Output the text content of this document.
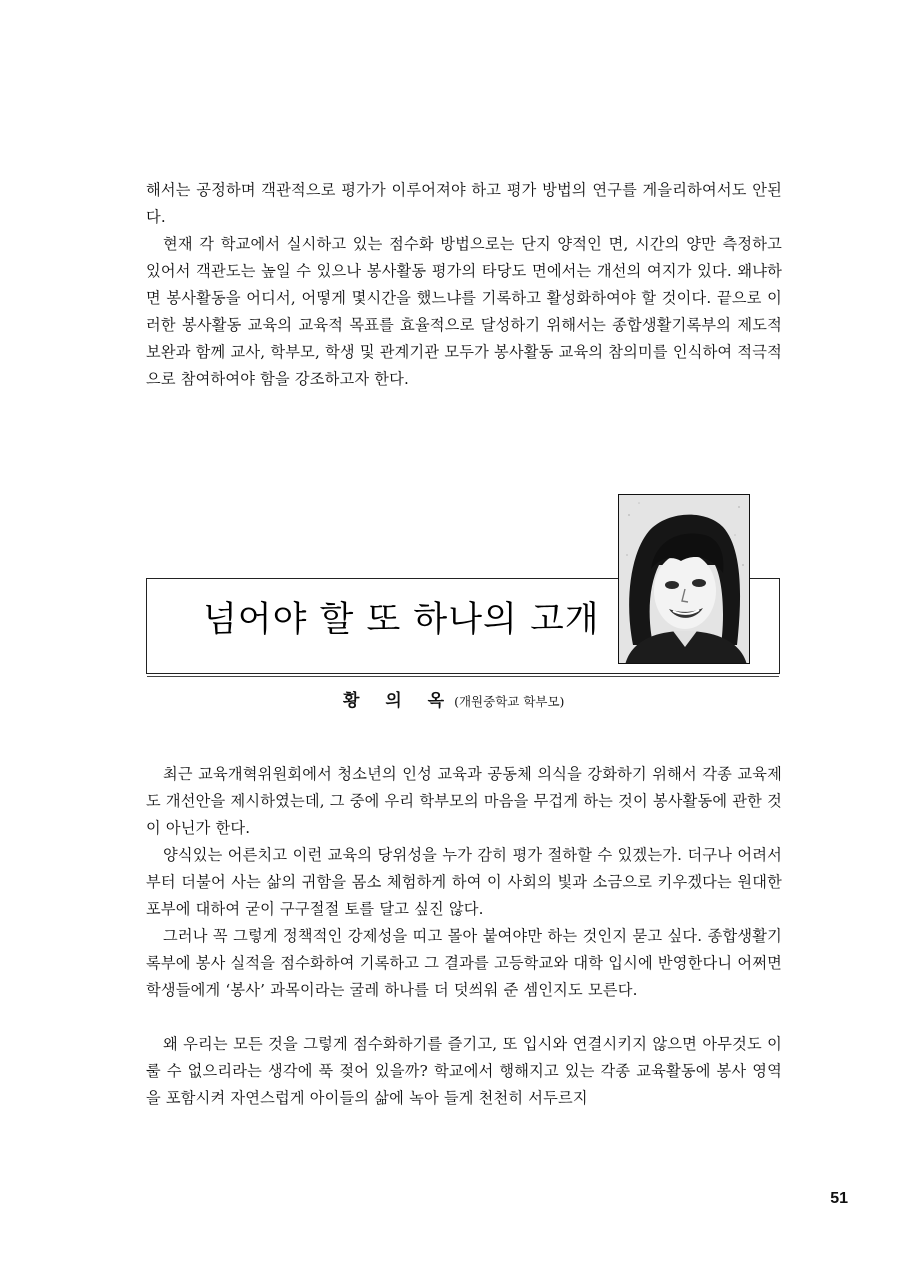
해서는 공정하며 객관적으로 평가가 이루어져야 하고 평가 방법의 연구를 게을리하여서도 안된다.

현재 각 학교에서 실시하고 있는 점수화 방법으로는 단지 양적인 면, 시간의 양만 측정하고 있어서 객관도는 높일 수 있으나 봉사활동 평가의 타당도 면에서는 개선의 여지가 있다. 왜냐하면 봉사활동을 어디서, 어떻게 몇시간을 했느냐를 기록하고 활성화하여야 할 것이다. 끝으로 이러한 봉사활동 교육의 교육적 목표를 효율적으로 달성하기 위해서는 종합생활기록부의 제도적 보완과 함께 교사, 학부모, 학생 및 관계기관 모두가 봉사활동 교육의 참의미를 인식하여 적극적으로 참여하여야 함을 강조하고자 한다.

넘어야 할 또 하나의 고개
황 의 옥(개원중학교 학부모)

최근 교육개혁위원회에서 청소년의 인성 교육과 공동체 의식을 강화하기 위해서 각종 교육제도 개선안을 제시하였는데, 그 중에 우리 학부모의 마음을 무겁게 하는 것이 봉사활동에 관한 것이 아닌가 한다.

양식있는 어른치고 이런 교육의 당위성을 누가 감히 평가 절하할 수 있겠는가. 더구나 어려서부터 더불어 사는 삶의 귀함을 몸소 체험하게 하여 이 사회의 빛과 소금으로 키우겠다는 원대한 포부에 대하여 굳이 구구절절 토를 달고 싶진 않다.

그러나 꼭 그렇게 정책적인 강제성을 띠고 몰아 붙여야만 하는 것인지 묻고 싶다. 종합생활기록부에 봉사 실적을 점수화하여 기록하고 그 결과를 고등학교와 대학 입시에 반영한다니 어쩌면 학생들에게 ‘봉사’ 과목이라는 굴레 하나를 더 덧씌워 준 셈인지도 모른다.

왜 우리는 모든 것을 그렇게 점수화하기를 즐기고, 또 입시와 연결시키지 않으면 아무것도 이룰 수 없으리라는 생각에 푹 젖어 있을까? 학교에서 행해지고 있는 각종 교육활동에 봉사 영역을 포함시켜 자연스럽게 아이들의 삶에 녹아 들게 천천히 서두르지

51
